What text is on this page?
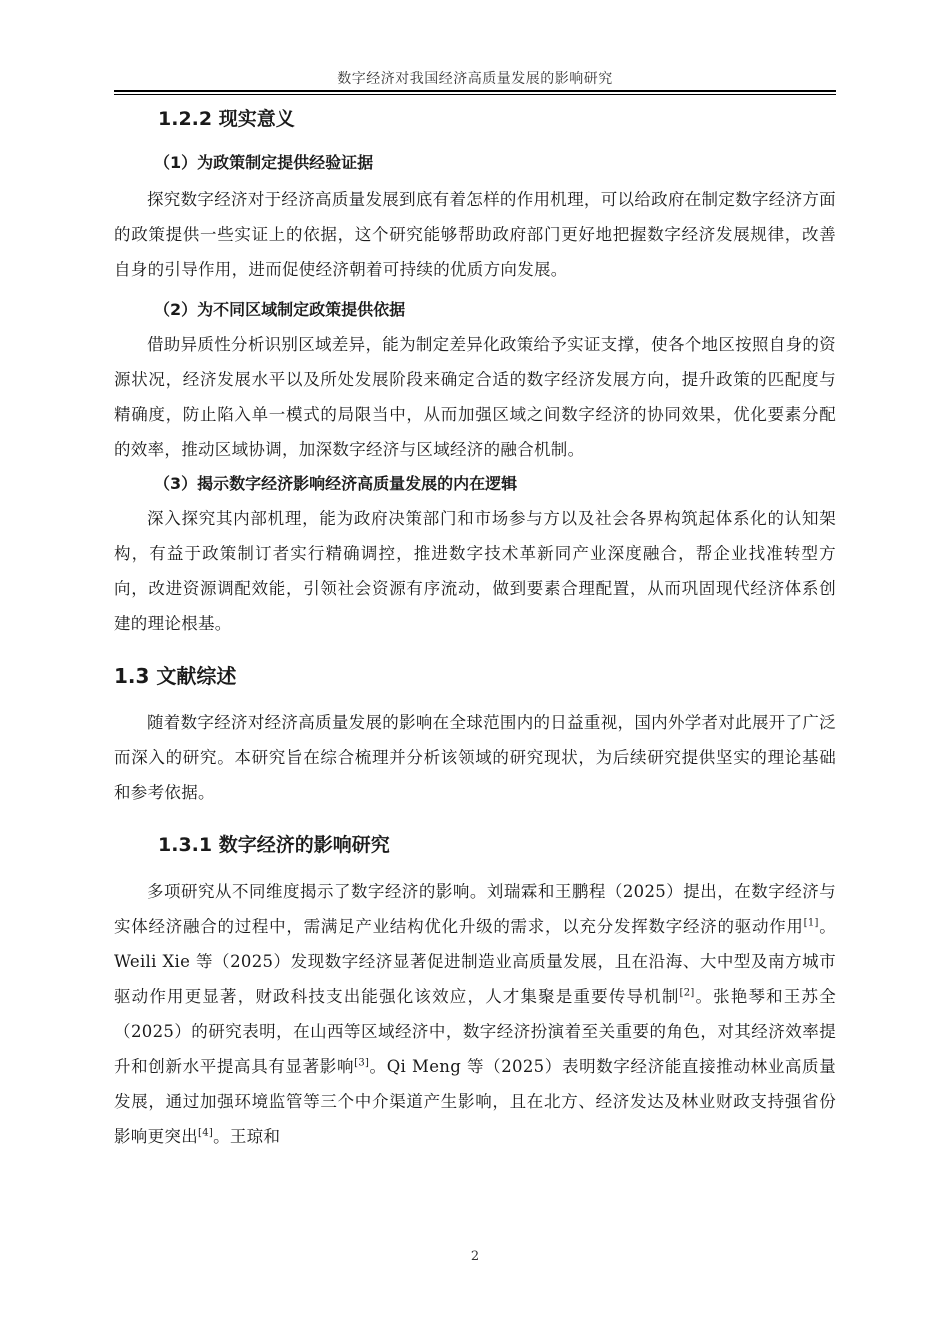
数字经济对我国经济高质量发展的影响研究
1.2.2 现实意义
（1）为政策制定提供经验证据

探究数字经济对于经济高质量发展到底有着怎样的作用机理，可以给政府在制定数字经济方面的政策提供一些实证上的依据，这个研究能够帮助政府部门更好地把握数字经济发展规律，改善自身的引导作用，进而促使经济朝着可持续的优质方向发展。

（2）为不同区域制定政策提供依据

借助异质性分析识别区域差异，能为制定差异化政策给予实证支撑，使各个地区按照自身的资源状况，经济发展水平以及所处发展阶段来确定合适的数字经济发展方向，提升政策的匹配度与精确度，防止陷入单一模式的局限当中，从而加强区域之间数字经济的协同效果，优化要素分配的效率，推动区域协调，加深数字经济与区域经济的融合机制。

（3）揭示数字经济影响经济高质量发展的内在逻辑

深入探究其内部机理，能为政府决策部门和市场参与方以及社会各界构筑起体系化的认知架构，有益于政策制订者实行精确调控，推进数字技术革新同产业深度融合，帮企业找准转型方向，改进资源调配效能，引领社会资源有序流动，做到要素合理配置，从而巩固现代经济体系创建的理论根基。

1.3 文献综述

随着数字经济对经济高质量发展的影响在全球范围内的日益重视，国内外学者对此展开了广泛而深入的研究。本研究旨在综合梳理并分析该领域的研究现状，为后续研究提供坚实的理论基础和参考依据。

1.3.1 数字经济的影响研究

多项研究从不同维度揭示了数字经济的影响。刘瑞霖和王鹏程（2025）提出，在数字经济与实体经济融合的过程中，需满足产业结构优化升级的需求，以充分发挥数字经济的驱动作用[1]。Weili Xie 等（2025）发现数字经济显著促进制造业高质量发展，且在沿海、大中型及南方城市驱动作用更显著，财政科技支出能强化该效应，人才集聚是重要传导机制[2]。张艳琴和王苏全（2025）的研究表明，在山西等区域经济中，数字经济扮演着至关重要的角色，对其经济效率提升和创新水平提高具有显著影响[3]。Qi Meng 等（2025）表明数字经济能直接推动林业高质量发展，通过加强环境监管等三个中介渠道产生影响，且在北方、经济发达及林业财政支持强省份影响更突出[4]。王琼和

2
